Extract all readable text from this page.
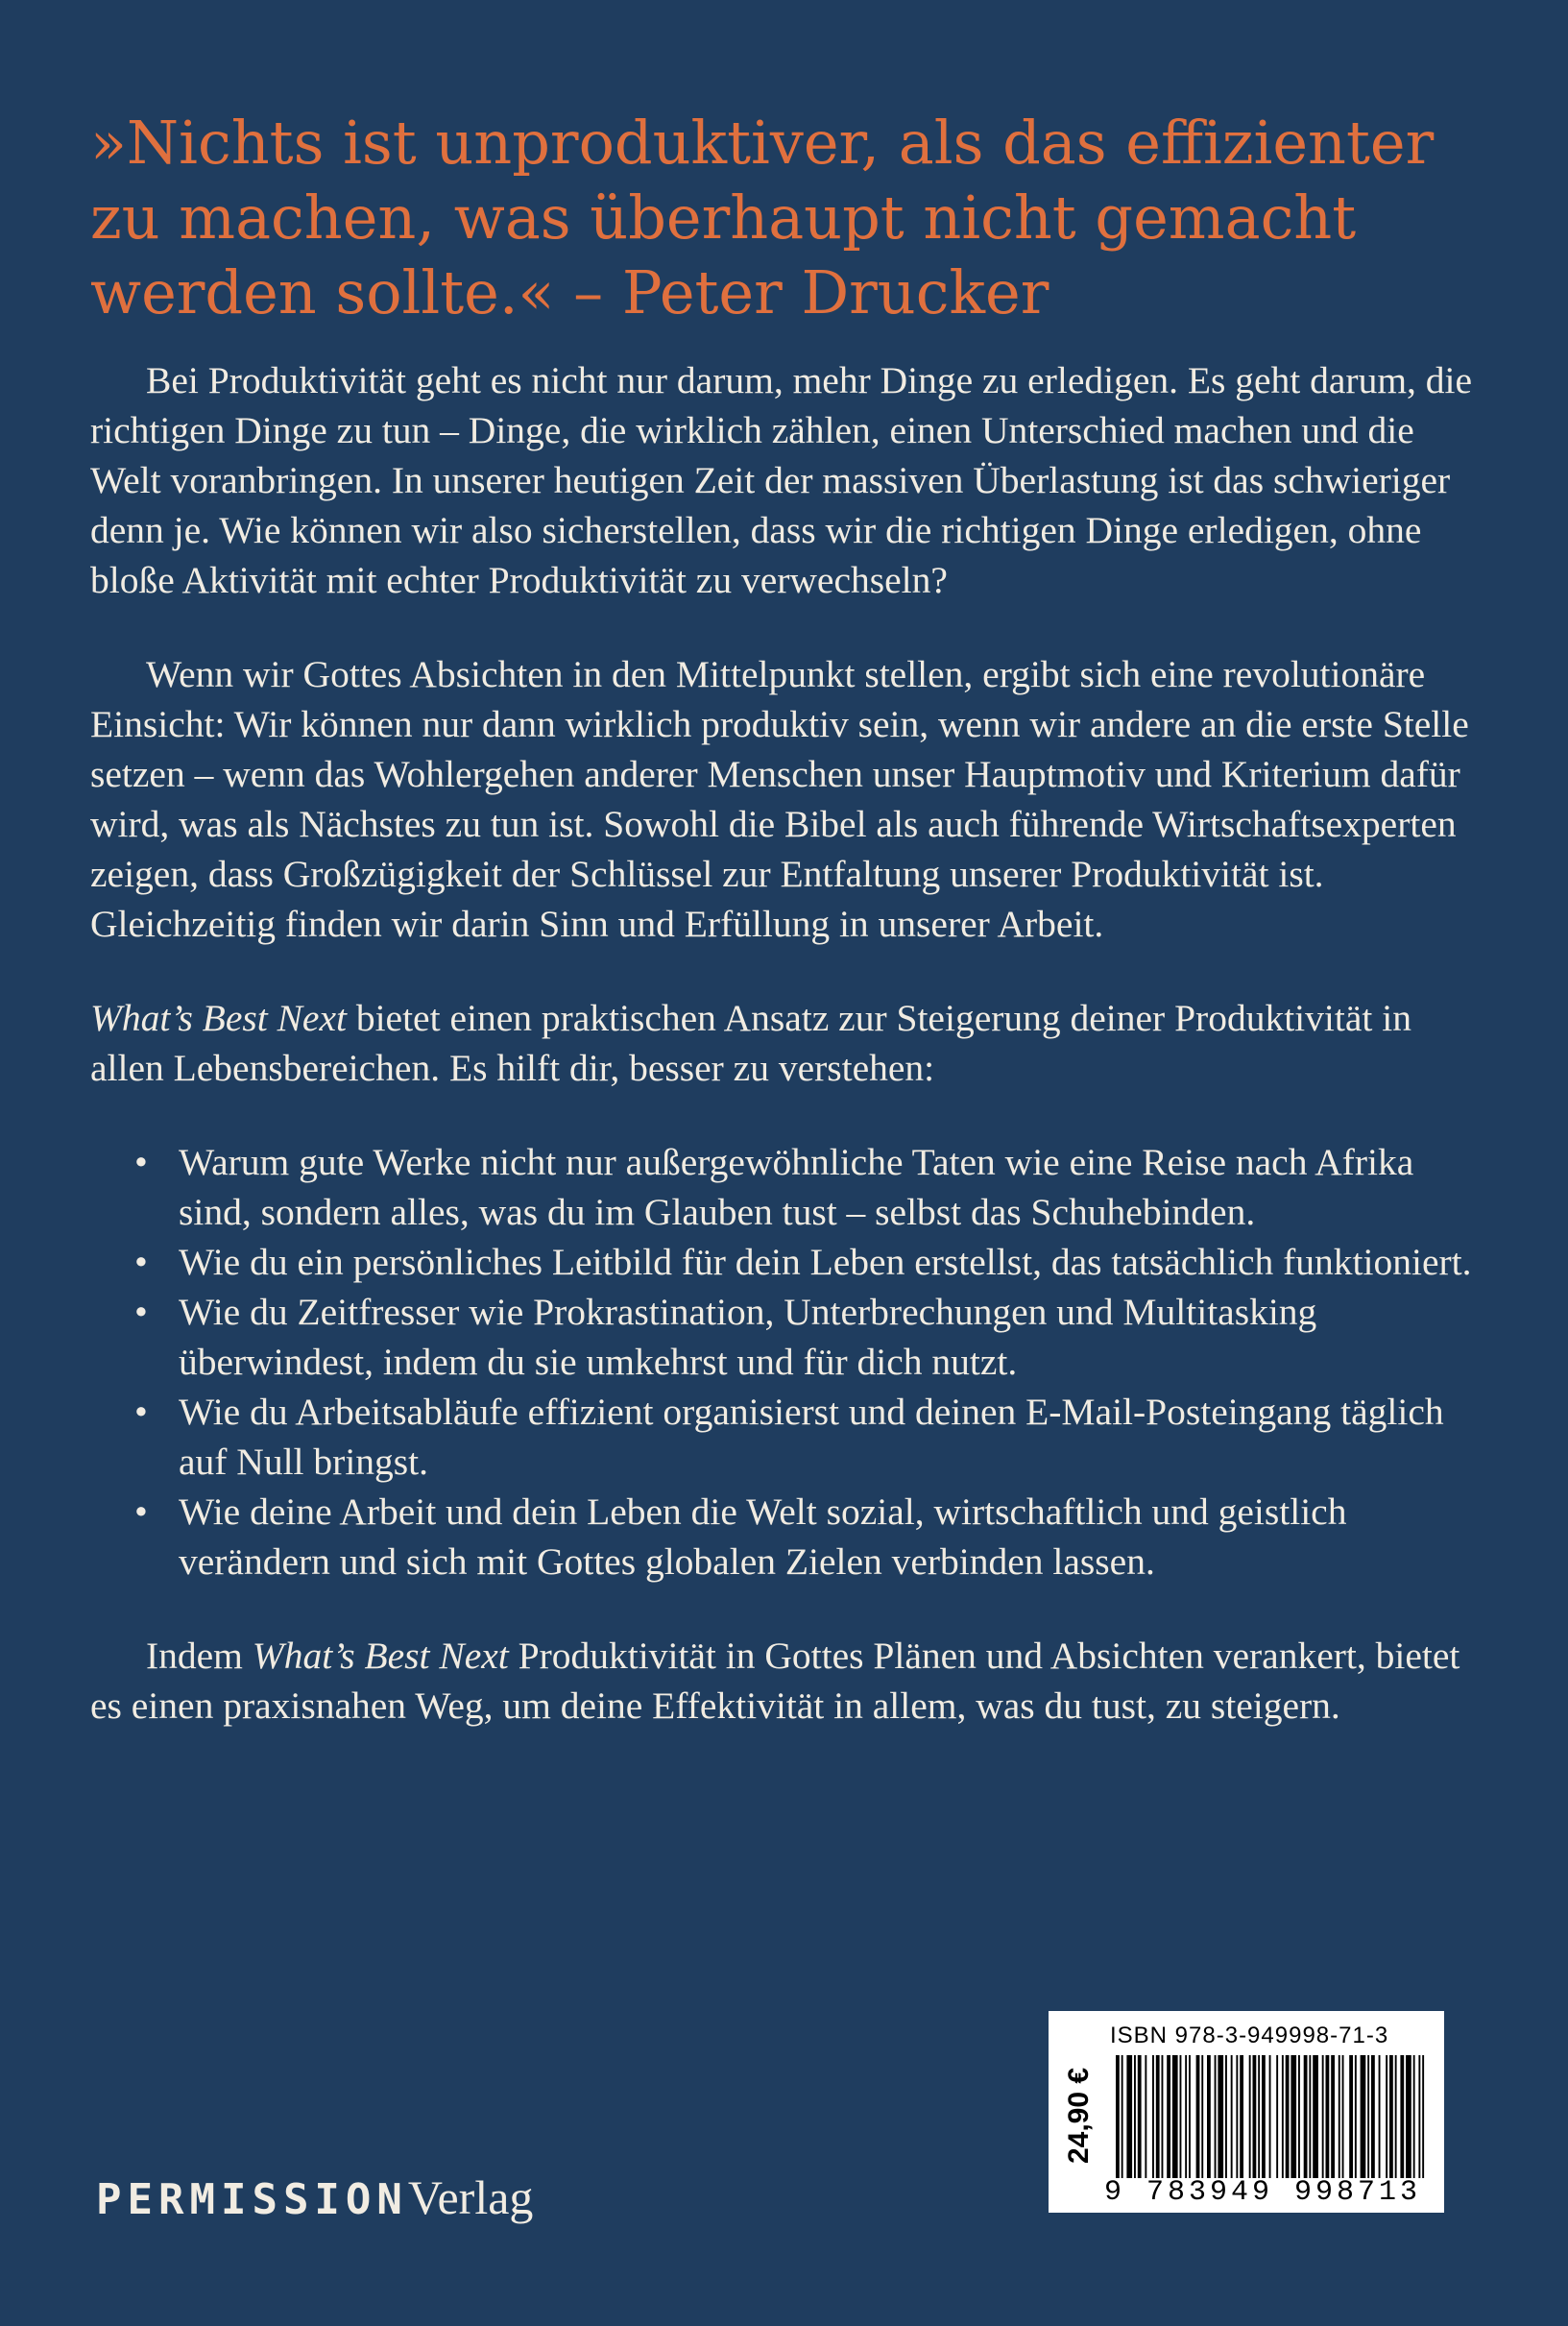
»Nichts ist unproduktiver, als das effizienter zu machen, was überhaupt nicht gemacht werden sollte.« – Peter Drucker

Bei Produktivität geht es nicht nur darum, mehr Dinge zu erledigen. Es geht darum, die richtigen Dinge zu tun – Dinge, die wirklich zählen, einen Unterschied machen und die Welt voranbringen. In unserer heutigen Zeit der massiven Überlastung ist das schwieriger denn je. Wie können wir also sicherstellen, dass wir die richtigen Dinge erledigen, ohne bloße Aktivität mit echter Produktivität zu verwechseln?

Wenn wir Gottes Absichten in den Mittelpunkt stellen, ergibt sich eine revolutionäre Einsicht: Wir können nur dann wirklich produktiv sein, wenn wir andere an die erste Stelle setzen – wenn das Wohlergehen anderer Menschen unser Hauptmotiv und Kriterium dafür wird, was als Nächstes zu tun ist. Sowohl die Bibel als auch führende Wirtschaftsexperten zeigen, dass Großzügigkeit der Schlüssel zur Entfaltung unserer Produktivität ist. Gleichzeitig finden wir darin Sinn und Erfüllung in unserer Arbeit.

What’s Best Next bietet einen praktischen Ansatz zur Steigerung deiner Produktivität in allen Lebensbereichen. Es hilft dir, besser zu verstehen:

• Warum gute Werke nicht nur außergewöhnliche Taten wie eine Reise nach Afrika sind, sondern alles, was du im Glauben tust – selbst das Schuhebinden.
• Wie du ein persönliches Leitbild für dein Leben erstellst, das tatsächlich funktioniert.
• Wie du Zeitfresser wie Prokrastination, Unterbrechungen und Multitasking überwindest, indem du sie umkehrst und für dich nutzt.
• Wie du Arbeitsabläufe effizient organisierst und deinen E-Mail-Posteingang täglich auf Null bringst.
• Wie deine Arbeit und dein Leben die Welt sozial, wirtschaftlich und geistlich verändern und sich mit Gottes globalen Zielen verbinden lassen.

Indem What’s Best Next Produktivität in Gottes Plänen und Absichten verankert, bietet es einen praxisnahen Weg, um deine Effektivität in allem, was du tust, zu steigern.

PERMISSIONVerlag
24,90 €
ISBN 978-3-949998-71-3
9 783949 998713
